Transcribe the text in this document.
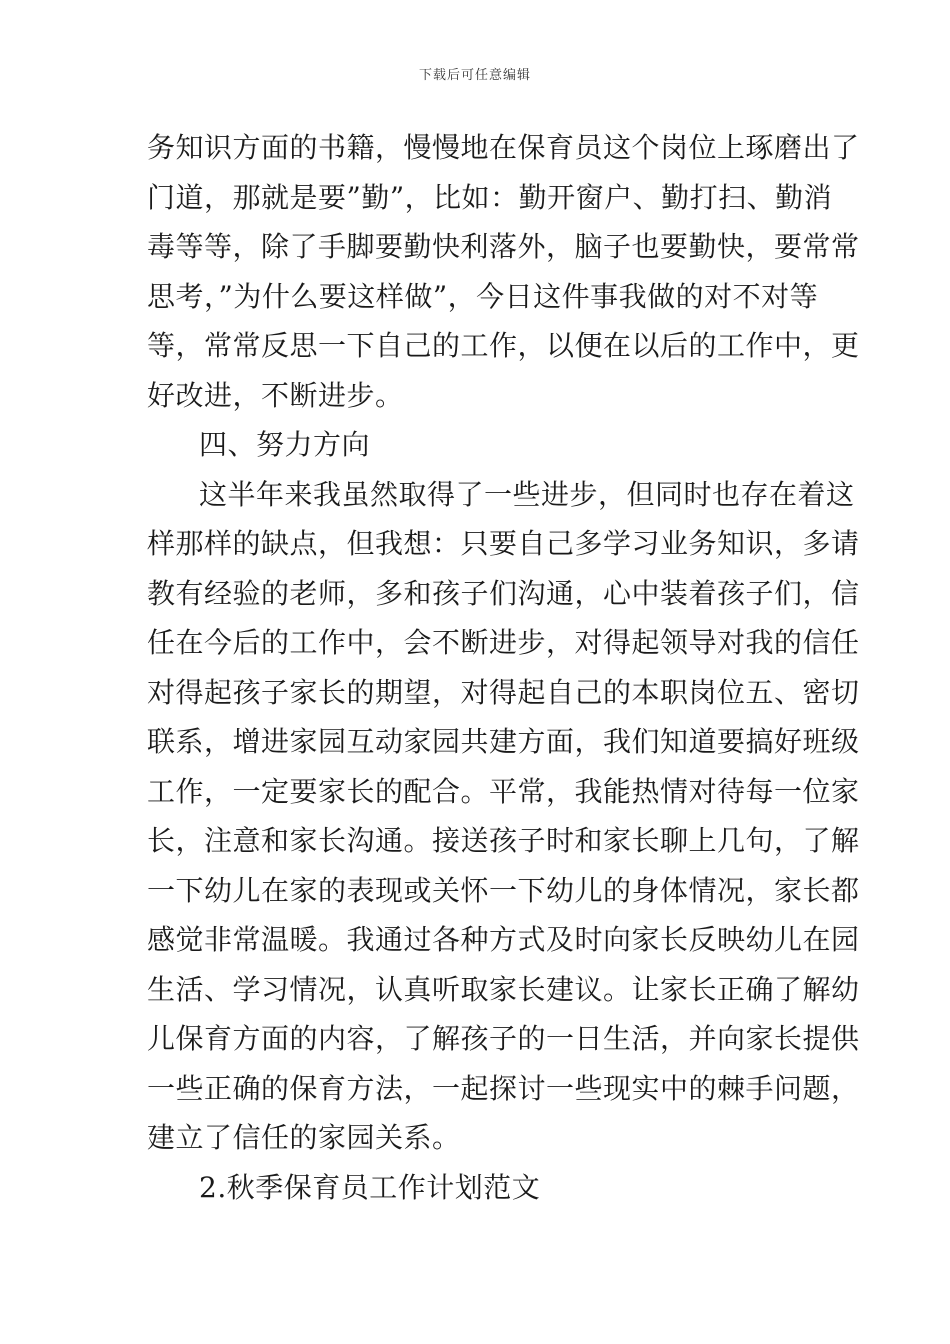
下载后可任意编辑
务知识方面的书籍，慢慢地在保育员这个岗位上琢磨出了
门道，那就是要”勤”，比如：勤开窗户、勤打扫、勤消
毒等等，除了手脚要勤快利落外，脑子也要勤快，要常常
思考，”为什么要这样做”，今日这件事我做的对不对等
等，常常反思一下自己的工作，以便在以后的工作中，更
好改进，不断进步。
四、努力方向
这半年来我虽然取得了一些进步，但同时也存在着这
样那样的缺点，但我想：只要自己多学习业务知识，多请
教有经验的老师，多和孩子们沟通，心中装着孩子们，信
任在今后的工作中，会不断进步，对得起领导对我的信任
对得起孩子家长的期望，对得起自己的本职岗位五、密切
联系，增进家园互动家园共建方面，我们知道要搞好班级
工作，一定要家长的配合。平常，我能热情对待每一位家
长，注意和家长沟通。接送孩子时和家长聊上几句，了解
一下幼儿在家的表现或关怀一下幼儿的身体情况，家长都
感觉非常温暖。我通过各种方式及时向家长反映幼儿在园
生活、学习情况，认真听取家长建议。让家长正确了解幼
儿保育方面的内容，了解孩子的一日生活，并向家长提供
一些正确的保育方法，一起探讨一些现实中的棘手问题，
建立了信任的家园关系。
2.秋季保育员工作计划范文
